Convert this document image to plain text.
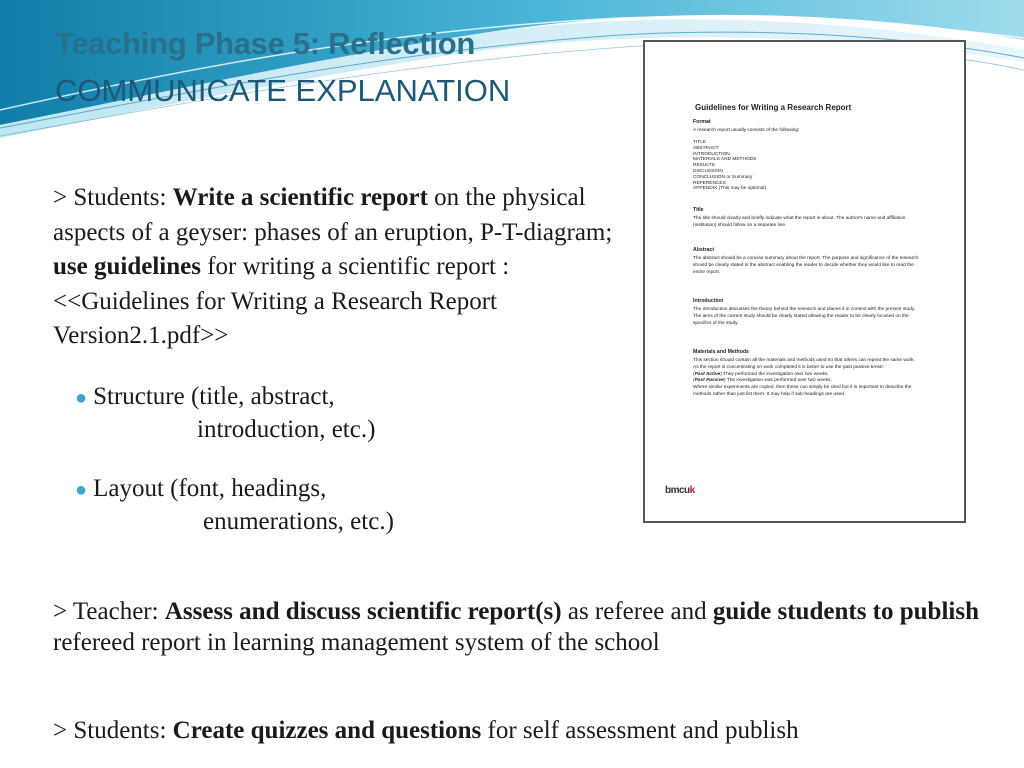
Teaching Phase 5: Reflection
COMMUNICATE EXPLANATION

> Students: Write a scientific report on the physical aspects of a geyser: phases of an eruption, P-T-diagram; use guidelines for writing a scientific report :<<Guidelines for Writing a Research Report Version2.1.pdf>>

● Structure (title, abstract,
introduction, etc.)
● Layout (font, headings,
enumerations, etc.)

> Teacher: Assess and discuss scientific report(s) as referee and guide students to publish refereed report in learning management system of the school

> Students: Create quizzes and questions for self assessment and publish

Guidelines for Writing a Research Report
Format
A research report usually consists of the following:
TITLE
ABSTRACT
INTRODUCTION
MATERIALS AND METHODS
RESULTS
DISCUSSION
CONCLUSION or Summary
REFERENCES
APPENDIX (This may be optional)
Title
The title should clearly and briefly indicate what the report is about. The author's name and affiliation (institution) should follow on a separate line.
Abstract
The abstract should be a concise summary about the report. The purpose and significance of the research should be clearly stated in the abstract enabling the reader to decide whether they would like to read the entire report.
Introduction
The introduction discusses the theory behind the research and places it in context with the present study. The aims of the current study should be clearly stated allowing the reader to be clearly focused on the specifics of the study.
Materials and Methods
This section should contain all the materials and methods used so that others can repeat the same work. As the report is concentrating on work completed it is better to use the past passive tense:
(Past Active) They performed the investigation over two weeks.
(Past Passive) The investigation was performed over two weeks.
Where similar experiments are copied, then these can simply be cited but it is important to describe the methods rather than just list them. It may help if sub-headings are used.
bmcuk
